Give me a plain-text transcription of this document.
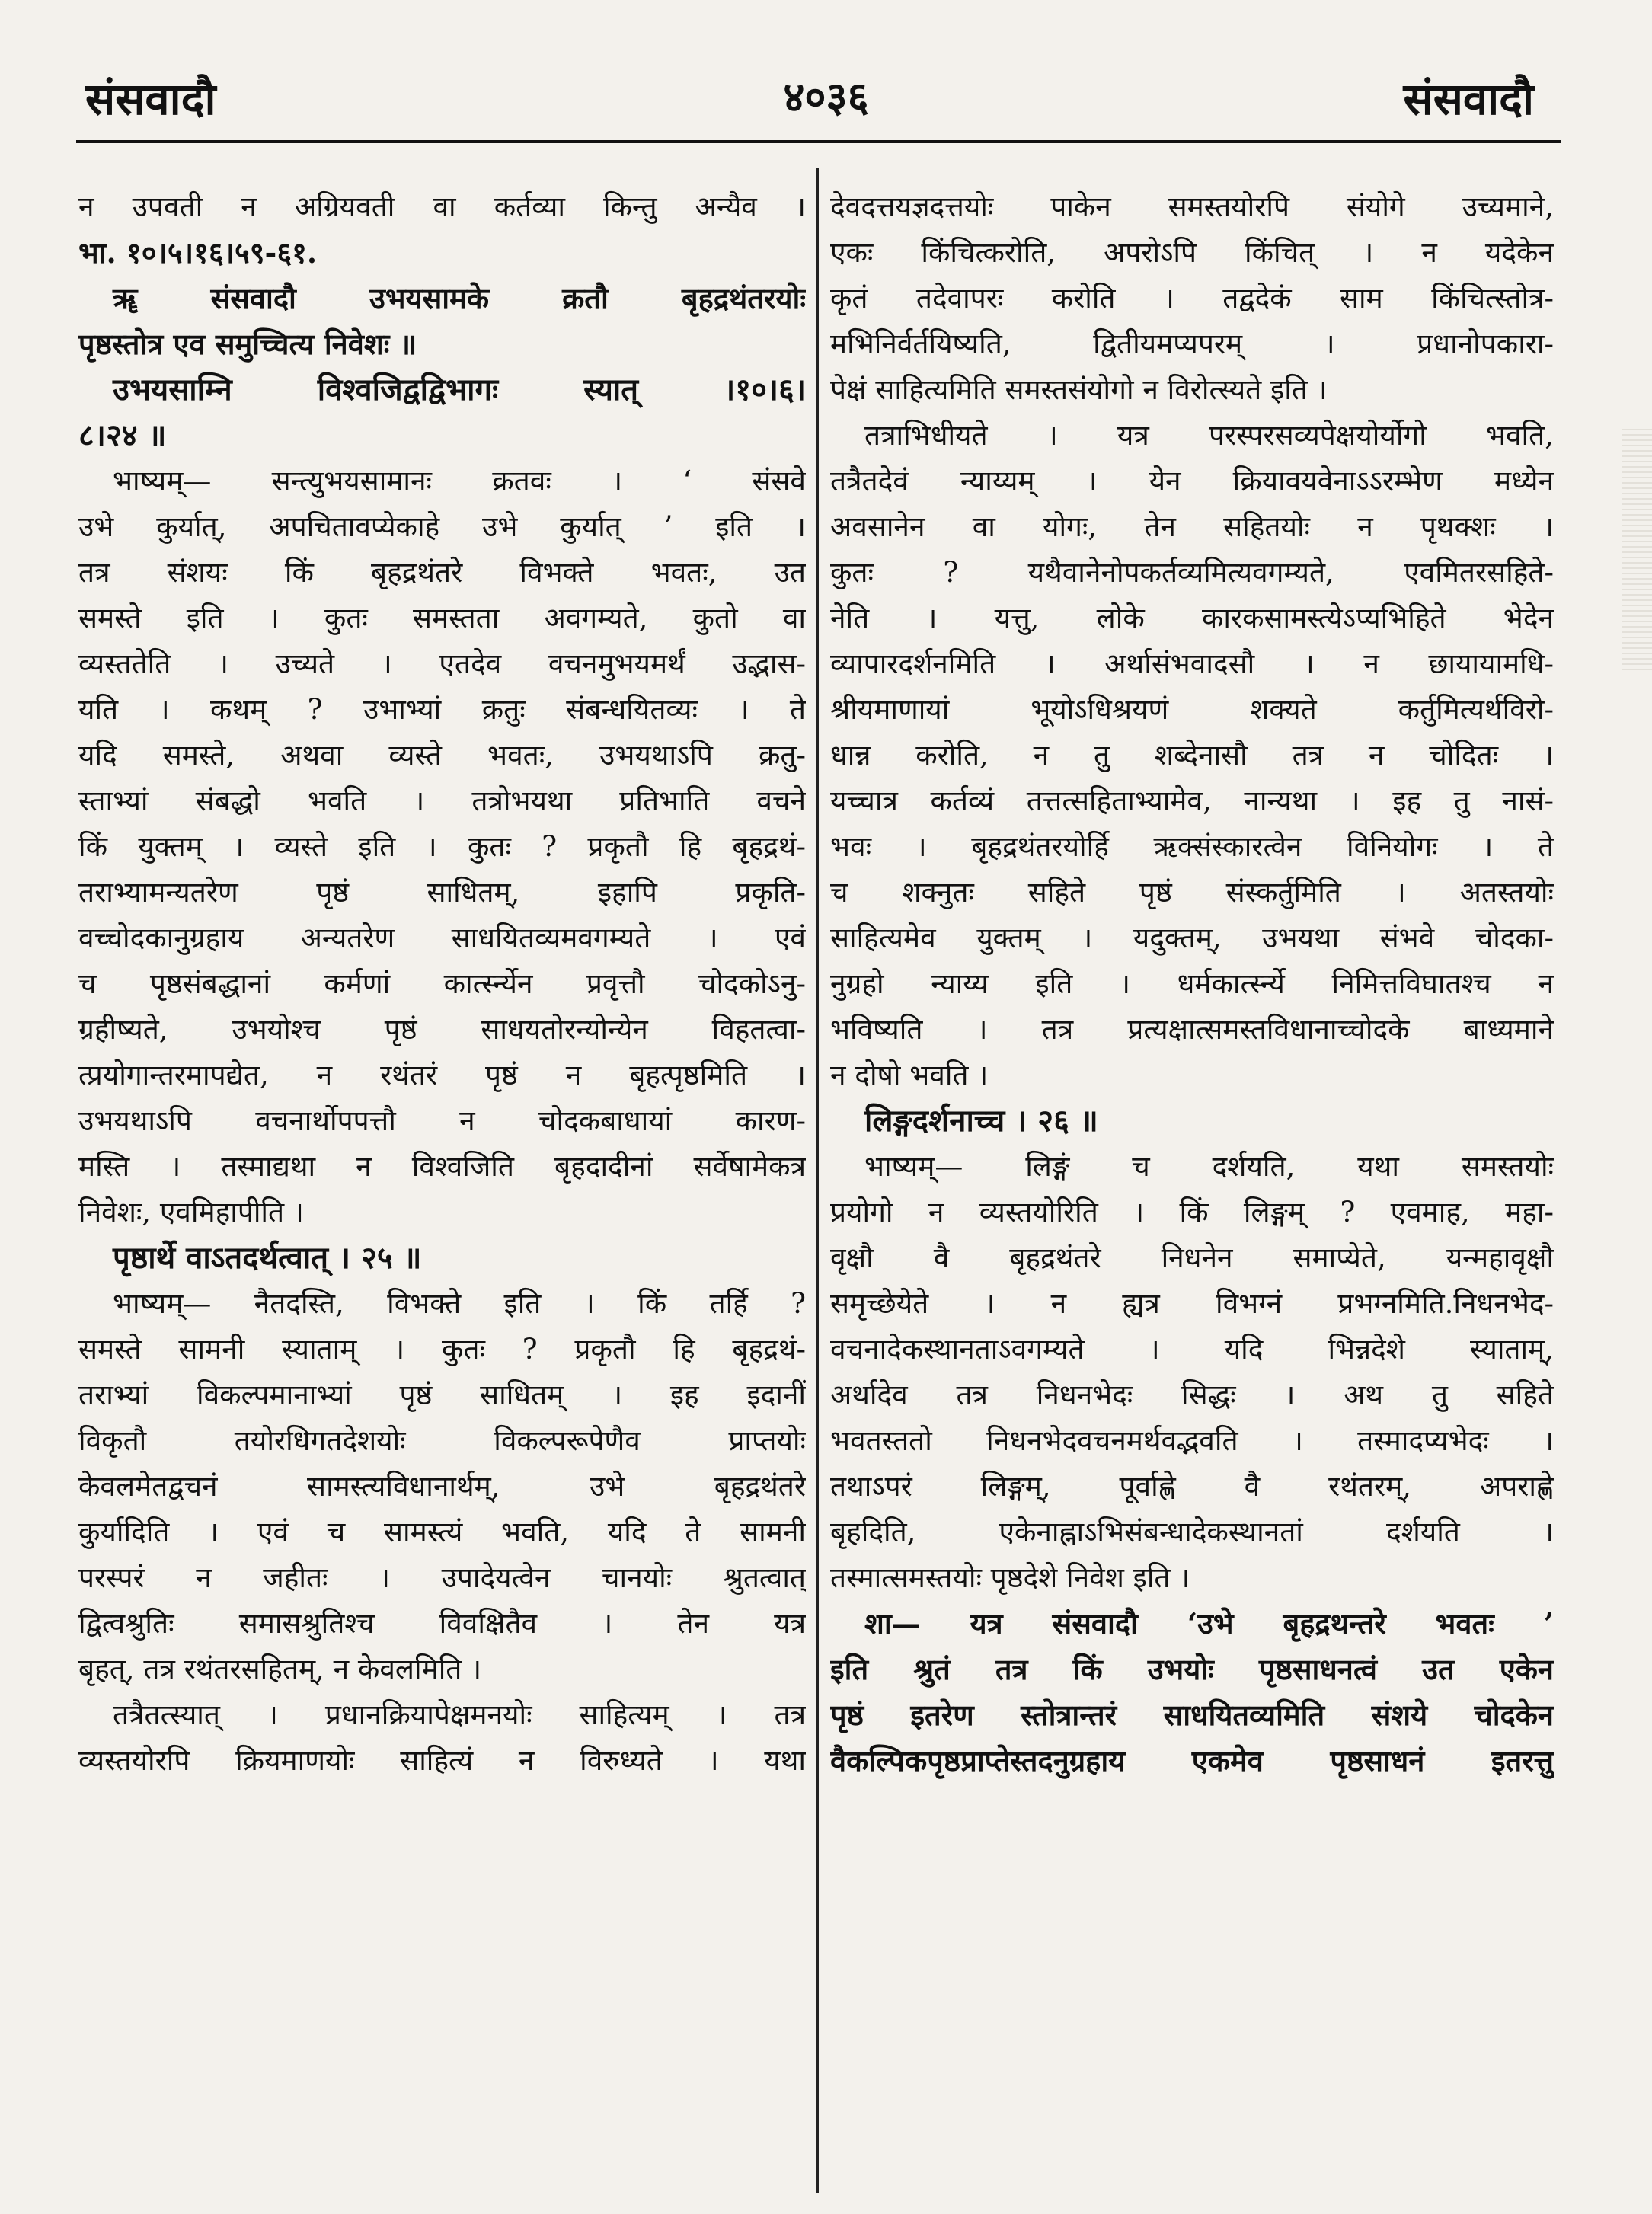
संसवादौ	४०३६	संसवादौ
न उपवती न अग्रियवती वा कर्तव्या किन्तु अन्यैव ।
भा. १०।५।१६।५९-६१.
ॠ संसवादौ उभयसामके क्रतौ बृहद्रथंतरयोः
पृष्ठस्तोत्र एव समुच्चित्य निवेशः ॥
उभयसाम्नि विश्वजिद्वद्विभागः स्यात् ।१०।६।
८।२४ ॥
भाष्यम्— सन्त्युभयसामानः क्रतवः । ‘ संसवे
उभे कुर्यात्, अपचितावप्येकाहे उभे कुर्यात् ’ इति ।
तत्र संशयः किं बृहद्रथंतरे विभक्ते भवतः, उत
समस्ते इति । कुतः समस्तता अवगम्यते, कुतो वा
व्यस्ततेति । उच्यते । एतदेव वचनमुभयमर्थं उद्भास-
यति । कथम् ? उभाभ्यां क्रतुः संबन्धयितव्यः । ते
यदि समस्ते, अथवा व्यस्ते भवतः, उभयथाऽपि क्रतु-
स्ताभ्यां संबद्धो भवति । तत्रोभयथा प्रतिभाति वचने
किं युक्तम् । व्यस्ते इति । कुतः ? प्रकृतौ हि बृहद्रथं-
तराभ्यामन्यतरेण पृष्ठं साधितम्, इहापि प्रकृति-
वच्चोदकानुग्रहाय अन्यतरेण साधयितव्यमवगम्यते । एवं
च पृष्ठसंबद्धानां कर्मणां कार्त्स्न्येन प्रवृत्तौ चोदकोऽनु-
ग्रहीष्यते, उभयोश्च पृष्ठं साधयतोरन्योन्येन विहतत्वा-
त्प्रयोगान्तरमापद्येत, न रथंतरं पृष्ठं न बृहत्पृष्ठमिति ।
उभयथाऽपि वचनार्थोपपत्तौ न चोदकबाधायां कारण-
मस्ति । तस्माद्यथा न विश्वजिति बृहदादीनां सर्वेषामेकत्र
निवेशः, एवमिहापीति ।
पृष्ठार्थे वाऽतदर्थत्वात् । २५ ॥
भाष्यम्— नैतदस्ति, विभक्ते इति । किं तर्हि ?
समस्ते सामनी स्याताम् । कुतः ? प्रकृतौ हि बृहद्रथं-
तराभ्यां विकल्पमानाभ्यां पृष्ठं साधितम् । इह इदानीं
विकृतौ तयोरधिगतदेशयोः विकल्परूपेणैव प्राप्तयोः
केवलमेतद्वचनं सामस्त्यविधानार्थम्, उभे बृहद्रथंतरे
कुर्यादिति । एवं च सामस्त्यं भवति, यदि ते सामनी
परस्परं न जहीतः । उपादेयत्वेन चानयोः श्रुतत्वात्
द्वित्वश्रुतिः समासश्रुतिश्च विवक्षितैव । तेन यत्र
बृहत्, तत्र रथंतरसहितम्, न केवलमिति ।
तत्रैतत्स्यात् । प्रधानक्रियापेक्षमनयोः साहित्यम् । तत्र
व्यस्तयोरपि क्रियमाणयोः साहित्यं न विरुध्यते । यथा
देवदत्तयज्ञदत्तयोः पाकेन समस्तयोरपि संयोगे उच्यमाने,
एकः किंचित्करोति, अपरोऽपि किंचित् । न यदेकेन
कृतं तदेवापरः करोति । तद्वदेकं साम किंचित्स्तोत्र-
मभिनिर्वर्तयिष्यति, द्वितीयमप्यपरम् । प्रधानोपकारा-
पेक्षं साहित्यमिति समस्तसंयोगो न विरोत्स्यते इति ।
तत्राभिधीयते । यत्र परस्परसव्यपेक्षयोर्योगो भवति,
तत्रैतदेवं न्याय्यम् । येन क्रियावयवेनाऽऽरम्भेण मध्येन
अवसानेन वा योगः, तेन सहितयोः न पृथक्शः ।
कुतः ? यथैवानेनोपकर्तव्यमित्यवगम्यते, एवमितरसहिते-
नेति । यत्तु, लोके कारकसामस्त्येऽप्यभिहिते भेदेन
व्यापारदर्शनमिति । अर्थासंभवादसौ । न छायायामधि-
श्रीयमाणायां भूयोऽधिश्रयणं शक्यते कर्तुमित्यर्थविरो-
धान्न करोति, न तु शब्देनासौ तत्र न चोदितः ।
यच्चात्र कर्तव्यं तत्तत्सहिताभ्यामेव, नान्यथा । इह तु नासं-
भवः । बृहद्रथंतरयोर्हि ऋक्संस्कारत्वेन विनियोगः । ते
च शक्नुतः सहिते पृष्ठं संस्कर्तुमिति । अतस्तयोः
साहित्यमेव युक्तम् । यदुक्तम्, उभयथा संभवे चोदका-
नुग्रहो न्याय्य इति । धर्मकार्त्स्न्ये निमित्तविघातश्च न
भविष्यति । तत्र प्रत्यक्षात्समस्तविधानाच्चोदके बाध्यमाने
न दोषो भवति ।
लिङ्गदर्शनाच्च । २६ ॥
भाष्यम्— लिङ्गं च दर्शयति, यथा समस्तयोः
प्रयोगो न व्यस्तयोरिति । किं लिङ्गम् ? एवमाह, महा-
वृक्षौ वै बृहद्रथंतरे निधनेन समाप्येते, यन्महावृक्षौ
समृच्छेयेते । न ह्यत्र विभग्नं प्रभग्नमिति.निधनभेद-
वचनादेकस्थानताऽवगम्यते । यदि भिन्नदेशे स्याताम्,
अर्थादेव तत्र निधनभेदः सिद्धः । अथ तु सहिते
भवतस्ततो निधनभेदवचनमर्थवद्भवति । तस्मादप्यभेदः ।
तथाऽपरं लिङ्गम्, पूर्वाह्णे वै रथंतरम्, अपराह्णे
बृहदिति, एकेनाह्नाऽभिसंबन्धादेकस्थानतां दर्शयति ।
तस्मात्समस्तयोः पृष्ठदेशे निवेश इति ।
शा— यत्र संसवादौ ‘उभे बृहद्रथन्तरे भवतः ’
इति श्रुतं तत्र किं उभयोः पृष्ठसाधनत्वं उत एकेन
पृष्ठं इतरेण स्तोत्रान्तरं साधयितव्यमिति संशये चोदकेन
वैकल्पिकपृष्ठप्राप्तेस्तदनुग्रहाय एकमेव पृष्ठसाधनं इतरत्तु
